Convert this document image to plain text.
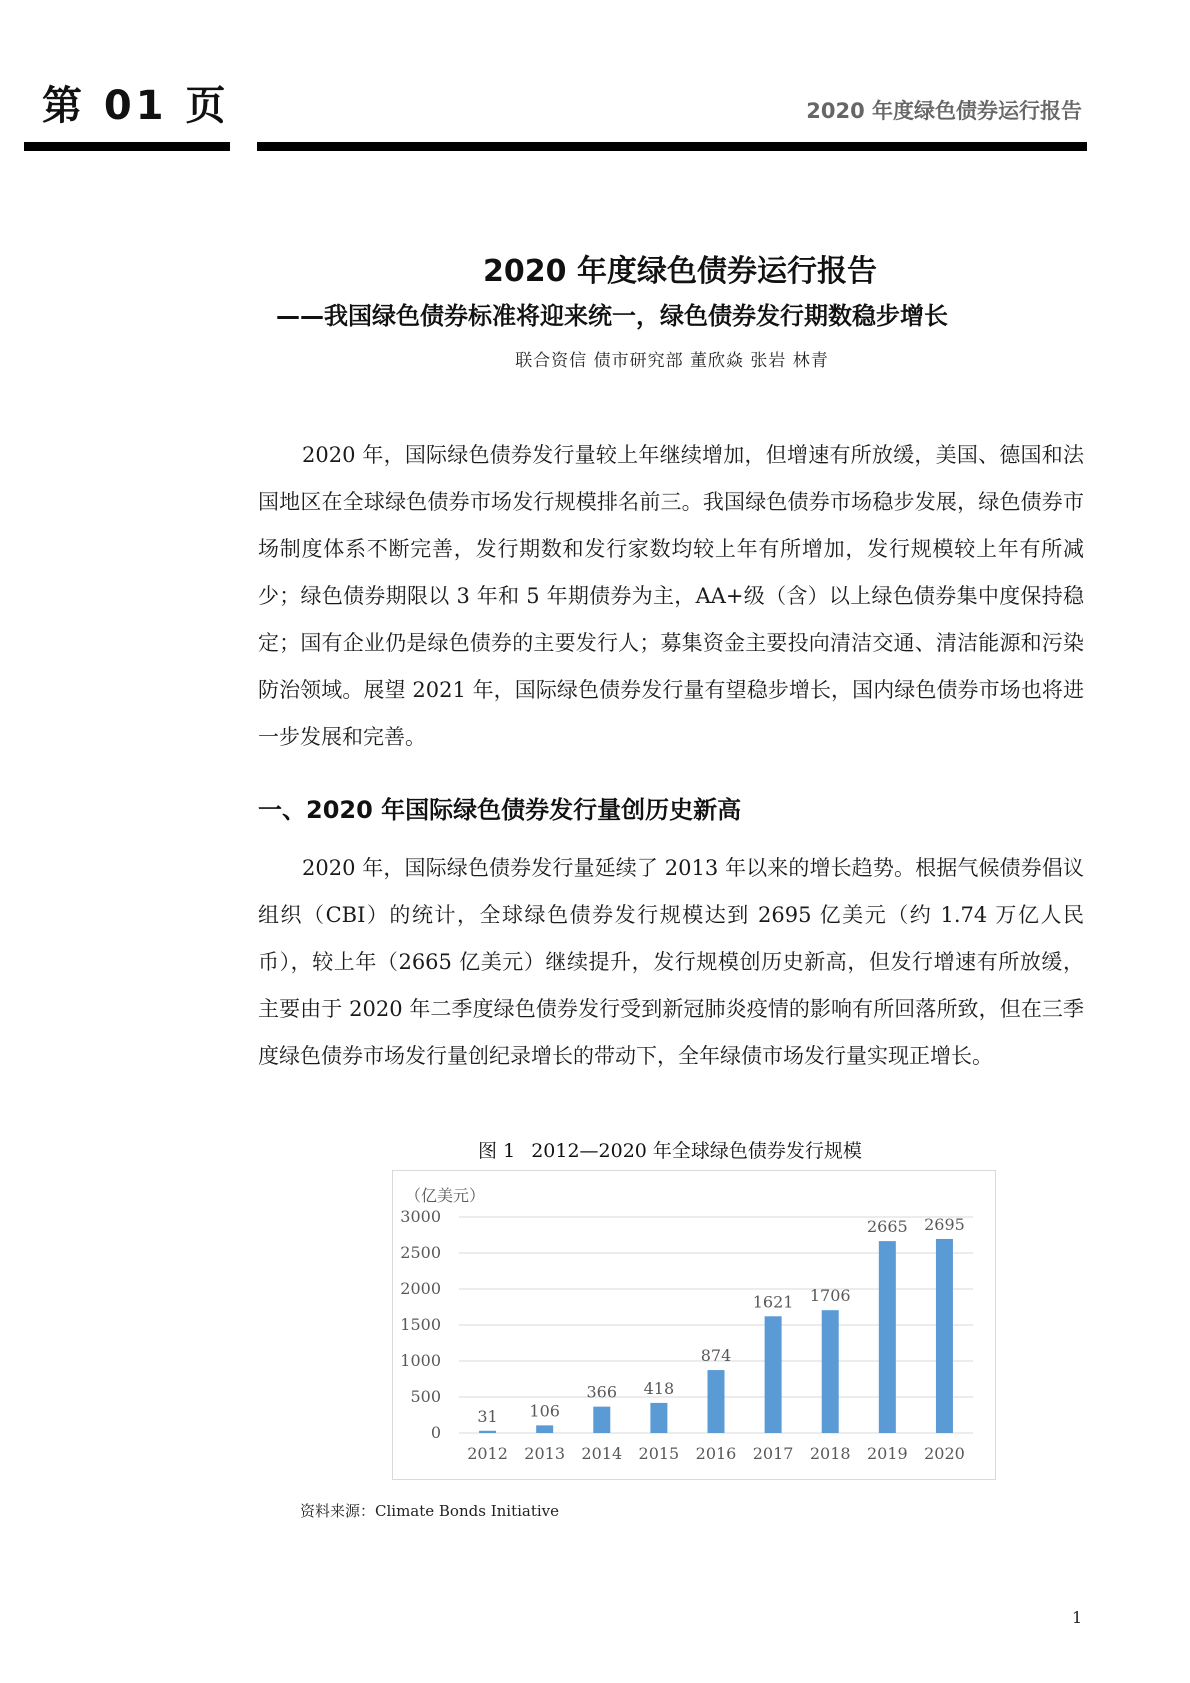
第 01 页	2020 年度绿色债券运行报告
2020 年度绿色债券运行报告
——我国绿色债券标准将迎来统一，绿色债券发行期数稳步增长
联合资信 债市研究部 董欣焱 张岩 林青

2020 年，国际绿色债券发行量较上年继续增加，但增速有所放缓，美国、德国和法国地区在全球绿色债券市场发行规模排名前三。我国绿色债券市场稳步发展，绿色债券市场制度体系不断完善，发行期数和发行家数均较上年有所增加，发行规模较上年有所减少；绿色债券期限以 3 年和 5 年期债券为主，AA+级（含）以上绿色债券集中度保持稳定；国有企业仍是绿色债券的主要发行人；募集资金主要投向清洁交通、清洁能源和污染防治领域。展望 2021 年，国际绿色债券发行量有望稳步增长，国内绿色债券市场也将进一步发展和完善。

一、2020 年国际绿色债券发行量创历史新高

2020 年，国际绿色债券发行量延续了 2013 年以来的增长趋势。根据气候债券倡议组织（CBI）的统计，全球绿色债券发行规模达到 2695 亿美元（约 1.74 万亿人民币），较上年（2665 亿美元）继续提升，发行规模创历史新高，但发行增速有所放缓，主要由于 2020 年二季度绿色债券发行受到新冠肺炎疫情的影响有所回落所致，但在三季度绿色债券市场发行量创纪录增长的带动下，全年绿债市场发行量实现正增长。

图 1 2012—2020 年全球绿色债券发行规模
（亿美元）
0
500
1000
1500
2000
2500
3000
31
2012
106
2013
366
2014
418
2015
874
2016
1621
2017
1706
2018
2665
2019
2695
2020
资料来源：Climate Bonds Initiative
1
